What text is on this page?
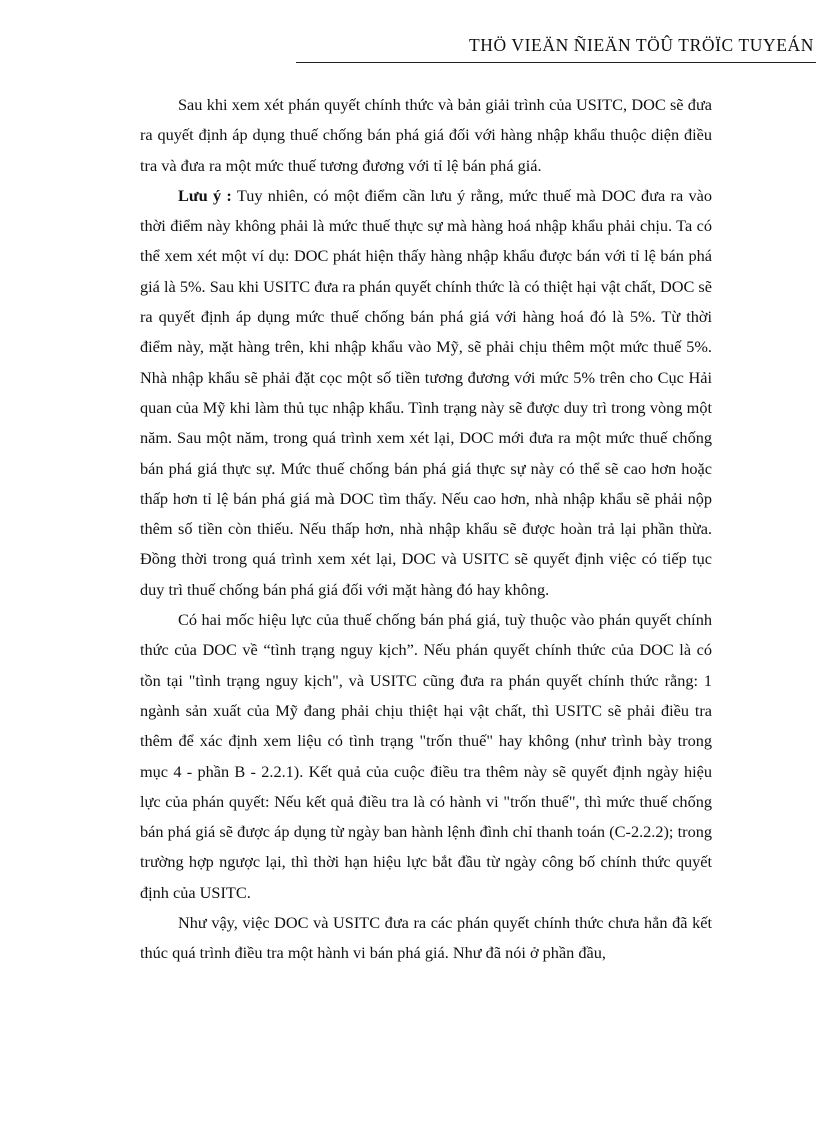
THÖ VIEÄN ÑIEÄN TÖÛ TRÖÏC TUYEÁN

Sau khi xem xét phán quyết chính thức và bản giải trình của USITC, DOC sẽ đưa ra quyết định áp dụng thuế chống bán phá giá đối với hàng nhập khẩu thuộc diện điều tra và đưa ra một mức thuế tương đương với tỉ lệ bán phá giá.

Lưu ý : Tuy nhiên, có một điểm cần lưu ý rằng, mức thuế mà DOC đưa ra vào thời điểm này không phải là mức thuế thực sự mà hàng hoá nhập khẩu phải chịu. Ta có thể xem xét một ví dụ: DOC phát hiện thấy hàng nhập khẩu được bán với tỉ lệ bán phá giá là 5%. Sau khi USITC đưa ra phán quyết chính thức là có thiệt hại vật chất, DOC sẽ ra quyết định áp dụng mức thuế chống bán phá giá với hàng hoá đó là 5%. Từ thời điểm này, mặt hàng trên, khi nhập khẩu vào Mỹ, sẽ phải chịu thêm một mức thuế 5%. Nhà nhập khẩu sẽ phải đặt cọc một số tiền tương đương với mức 5% trên cho Cục Hải quan của Mỹ khi làm thủ tục nhập khẩu. Tình trạng này sẽ được duy trì trong vòng một năm. Sau một năm, trong quá trình xem xét lại, DOC mới đưa ra một mức thuế chống bán phá giá thực sự. Mức thuế chống bán phá giá thực sự này có thể sẽ cao hơn hoặc thấp hơn tỉ lệ bán phá giá mà DOC tìm thấy. Nếu cao hơn, nhà nhập khẩu sẽ phải nộp thêm số tiền còn thiếu. Nếu thấp hơn, nhà nhập khẩu sẽ được hoàn trả lại phần thừa. Đồng thời trong quá trình xem xét lại, DOC và USITC sẽ quyết định việc có tiếp tục duy trì thuế chống bán phá giá đối với mặt hàng đó hay không.

Có hai mốc hiệu lực của thuế chống bán phá giá, tuỳ thuộc vào phán quyết chính thức của DOC về “tình trạng nguy kịch”. Nếu phán quyết chính thức của DOC là có tồn tại "tình trạng nguy kịch", và USITC cũng đưa ra phán quyết chính thức rằng: 1 ngành sản xuất của Mỹ đang phải chịu thiệt hại vật chất, thì USITC sẽ phải điều tra thêm để xác định xem liệu có tình trạng "trốn thuế" hay không (như trình bày trong mục 4 - phần B - 2.2.1). Kết quả của cuộc điều tra thêm này sẽ quyết định ngày hiệu lực của phán quyết: Nếu kết quả điều tra là có hành vi "trốn thuế", thì mức thuế chống bán phá giá sẽ được áp dụng từ ngày ban hành lệnh đình chỉ thanh toán (C-2.2.2); trong trường hợp ngược lại, thì thời hạn hiệu lực bắt đầu từ ngày công bố chính thức quyết định của USITC.

Như vậy, việc DOC và USITC đưa ra các phán quyết chính thức chưa hẳn đã kết thúc quá trình điều tra một hành vi bán phá giá. Như đã nói ở phần đầu,
